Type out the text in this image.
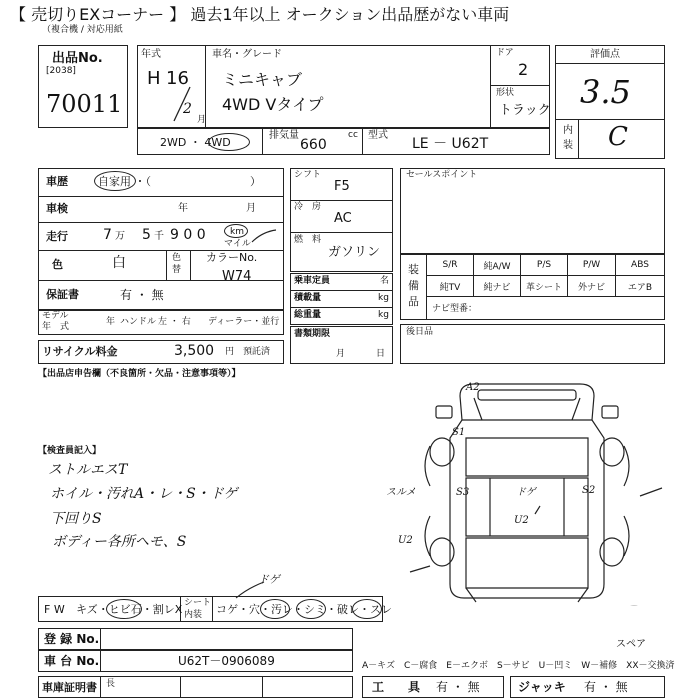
【 売切りEXコーナー 】 過去1年以上 オークション出品歴がない車両
（複合機 / 対応用紙
出品No.
[2038]
70011
年式
H 16
2
月
車名・グレード
ミニキャブ
4WD Vタイプ
ドア
2
形状
トラック
評価点
3.5
内
装 C
2WD ・ 4WD
排気量
660
cc 型式
LE － U62T
車歴	自家用 ・（	）
車検	年	月
走行	7 万 5 千 9 0 0	km
マイル
色	白	色
替
カラーNo.
W74
保証書	有 ・ 無
モデル
年　式	年 ハンドル 左 ・ 右 ディーラー・並行
リサイクル料金	3,500 円 預託済
シフト
F5
冷　房
AC
燃　料
ガソリン
乗車定員	名
積載量	kg
総重量	kg
書類期限
月	日
セールスポイント
装
備
品
S/R	純A/W	P/S	P/W	ABS
純TV	純ナビ	革シート	外ナビ	エアB
ナビ型番：
後日品
【出品店申告欄（不良箇所・欠品・注意事項等）】
【検査員記入】
ストルエスT
ホイル・汚れA・レ・S・ドゲ
下回りS
ボディー各所ヘモ、S
A2
S1
スルメ	S3	S2
ドゲ
U2
U2
スペア
F W キズ・ヒビ石・割レX シート
内装 コゲ・穴・汚レ・シミ・破レ・スレ
ドゲ
登 録 No.
車 台 No.	U62T－0906089	A－キズ　C－腐食　E－エクボ　S－サビ　U－凹ミ　W－補修　XX－交換済
車庫証明書 長	工　　具 有 ・ 無	ジャッキ 有 ・ 無
